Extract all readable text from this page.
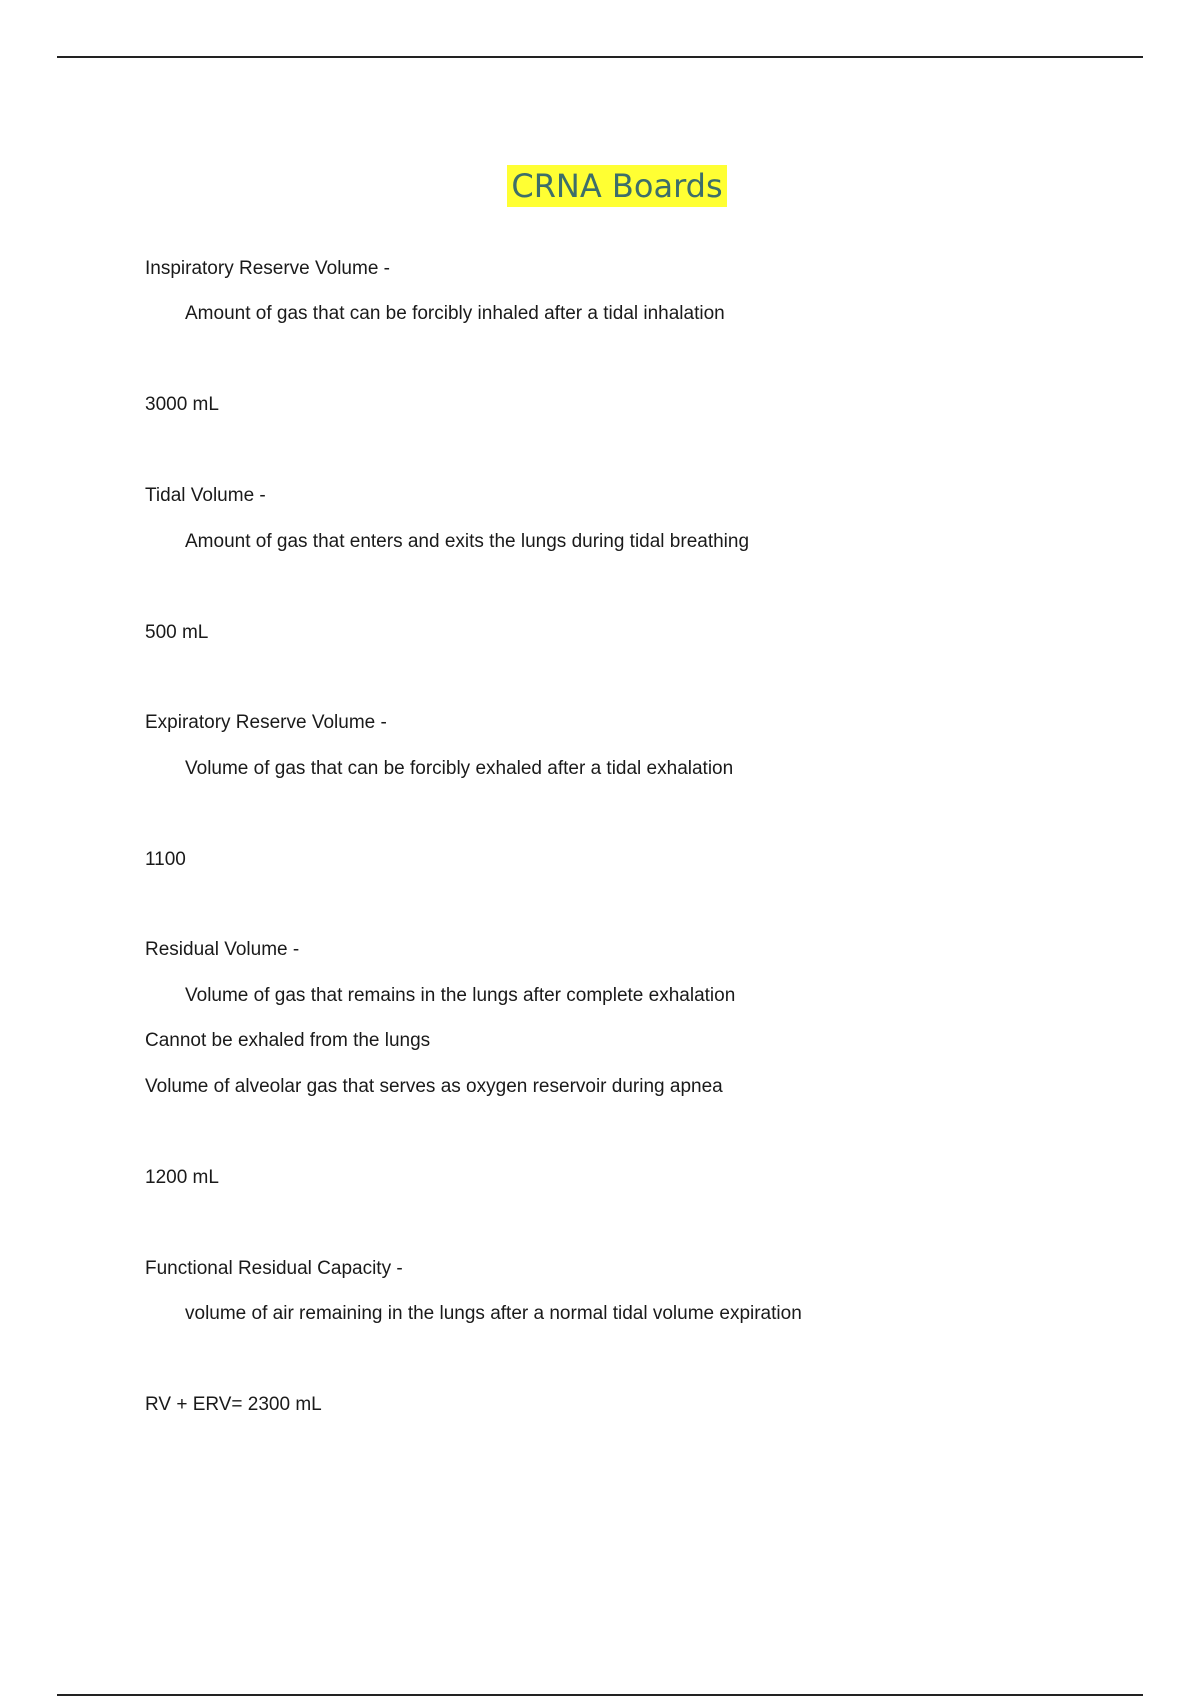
CRNA Boards
Inspiratory Reserve Volume -
Amount of gas that can be forcibly inhaled after a tidal inhalation
3000 mL
Tidal Volume -
Amount of gas that enters and exits the lungs during tidal breathing
500 mL
Expiratory Reserve Volume -
Volume of gas that can be forcibly exhaled after a tidal exhalation
1100
Residual Volume -
Volume of gas that remains in the lungs after complete exhalation
Cannot be exhaled from the lungs
Volume of alveolar gas that serves as oxygen reservoir during apnea
1200 mL
Functional Residual Capacity -
volume of air remaining in the lungs after a normal tidal volume expiration
RV + ERV= 2300 mL
